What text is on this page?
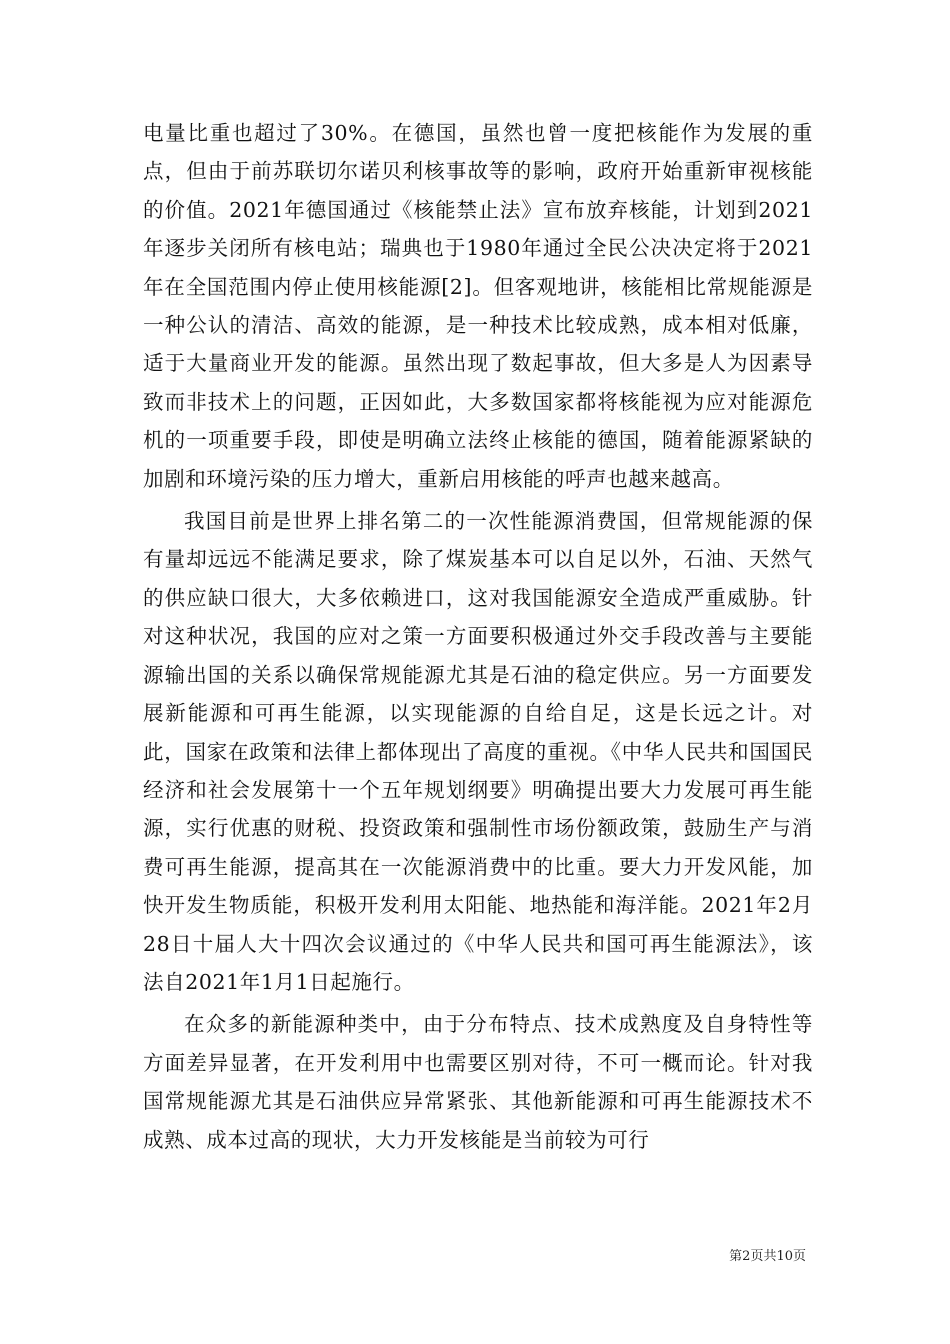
电量比重也超过了30%。在德国，虽然也曾一度把核能作为发展的重点，但由于前苏联切尔诺贝利核事故等的影响，政府开始重新审视核能的价值。2021年德国通过《核能禁止法》宣布放弃核能，计划到2021年逐步关闭所有核电站；瑞典也于1980年通过全民公决决定将于2021年在全国范围内停止使用核能源[2]。但客观地讲，核能相比常规能源是一种公认的清洁、高效的能源，是一种技术比较成熟，成本相对低廉，适于大量商业开发的能源。虽然出现了数起事故，但大多是人为因素导致而非技术上的问题，正因如此，大多数国家都将核能视为应对能源危机的一项重要手段，即使是明确立法终止核能的德国，随着能源紧缺的加剧和环境污染的压力增大，重新启用核能的呼声也越来越高。

我国目前是世界上排名第二的一次性能源消费国，但常规能源的保有量却远远不能满足要求，除了煤炭基本可以自足以外，石油、天然气的供应缺口很大，大多依赖进口，这对我国能源安全造成严重威胁。针对这种状况，我国的应对之策一方面要积极通过外交手段改善与主要能源输出国的关系以确保常规能源尤其是石油的稳定供应。另一方面要发展新能源和可再生能源，以实现能源的自给自足，这是长远之计。对此，国家在政策和法律上都体现出了高度的重视。《中华人民共和国国民经济和社会发展第十一个五年规划纲要》明确提出要大力发展可再生能源，实行优惠的财税、投资政策和强制性市场份额政策，鼓励生产与消费可再生能源，提高其在一次能源消费中的比重。要大力开发风能，加快开发生物质能，积极开发利用太阳能、地热能和海洋能。2021年2月28日十届人大十四次会议通过的《中华人民共和国可再生能源法》，该法自2021年1月1日起施行。

在众多的新能源种类中，由于分布特点、技术成熟度及自身特性等方面差异显著，在开发利用中也需要区别对待，不可一概而论。针对我国常规能源尤其是石油供应异常紧张、其他新能源和可再生能源技术不成熟、成本过高的现状，大力开发核能是当前较为可行

第2页共10页
